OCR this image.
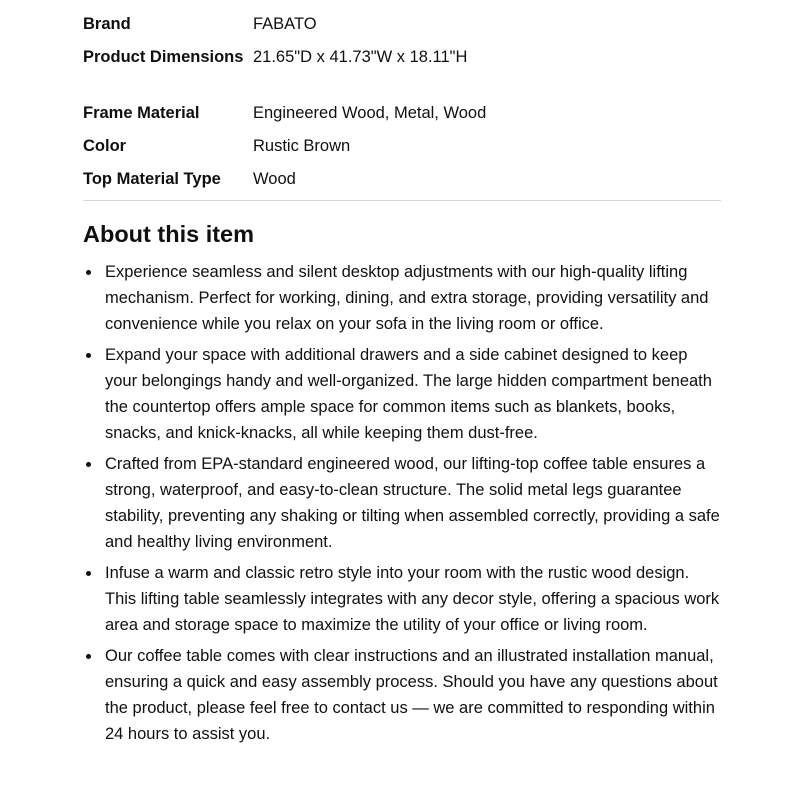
Brand	FABATO
Product Dimensions	21.65"D x 41.73"W x 18.11"H
Frame Material	Engineered Wood, Metal, Wood
Color	Rustic Brown
Top Material Type	Wood
About this item
Experience seamless and silent desktop adjustments with our high-quality lifting mechanism. Perfect for working, dining, and extra storage, providing versatility and convenience while you relax on your sofa in the living room or office.
Expand your space with additional drawers and a side cabinet designed to keep your belongings handy and well-organized. The large hidden compartment beneath the countertop offers ample space for common items such as blankets, books, snacks, and knick-knacks, all while keeping them dust-free.
Crafted from EPA-standard engineered wood, our lifting-top coffee table ensures a strong, waterproof, and easy-to-clean structure. The solid metal legs guarantee stability, preventing any shaking or tilting when assembled correctly, providing a safe and healthy living environment.
Infuse a warm and classic retro style into your room with the rustic wood design. This lifting table seamlessly integrates with any decor style, offering a spacious work area and storage space to maximize the utility of your office or living room.
Our coffee table comes with clear instructions and an illustrated installation manual, ensuring a quick and easy assembly process. Should you have any questions about the product, please feel free to contact us — we are committed to responding within 24 hours to assist you.
